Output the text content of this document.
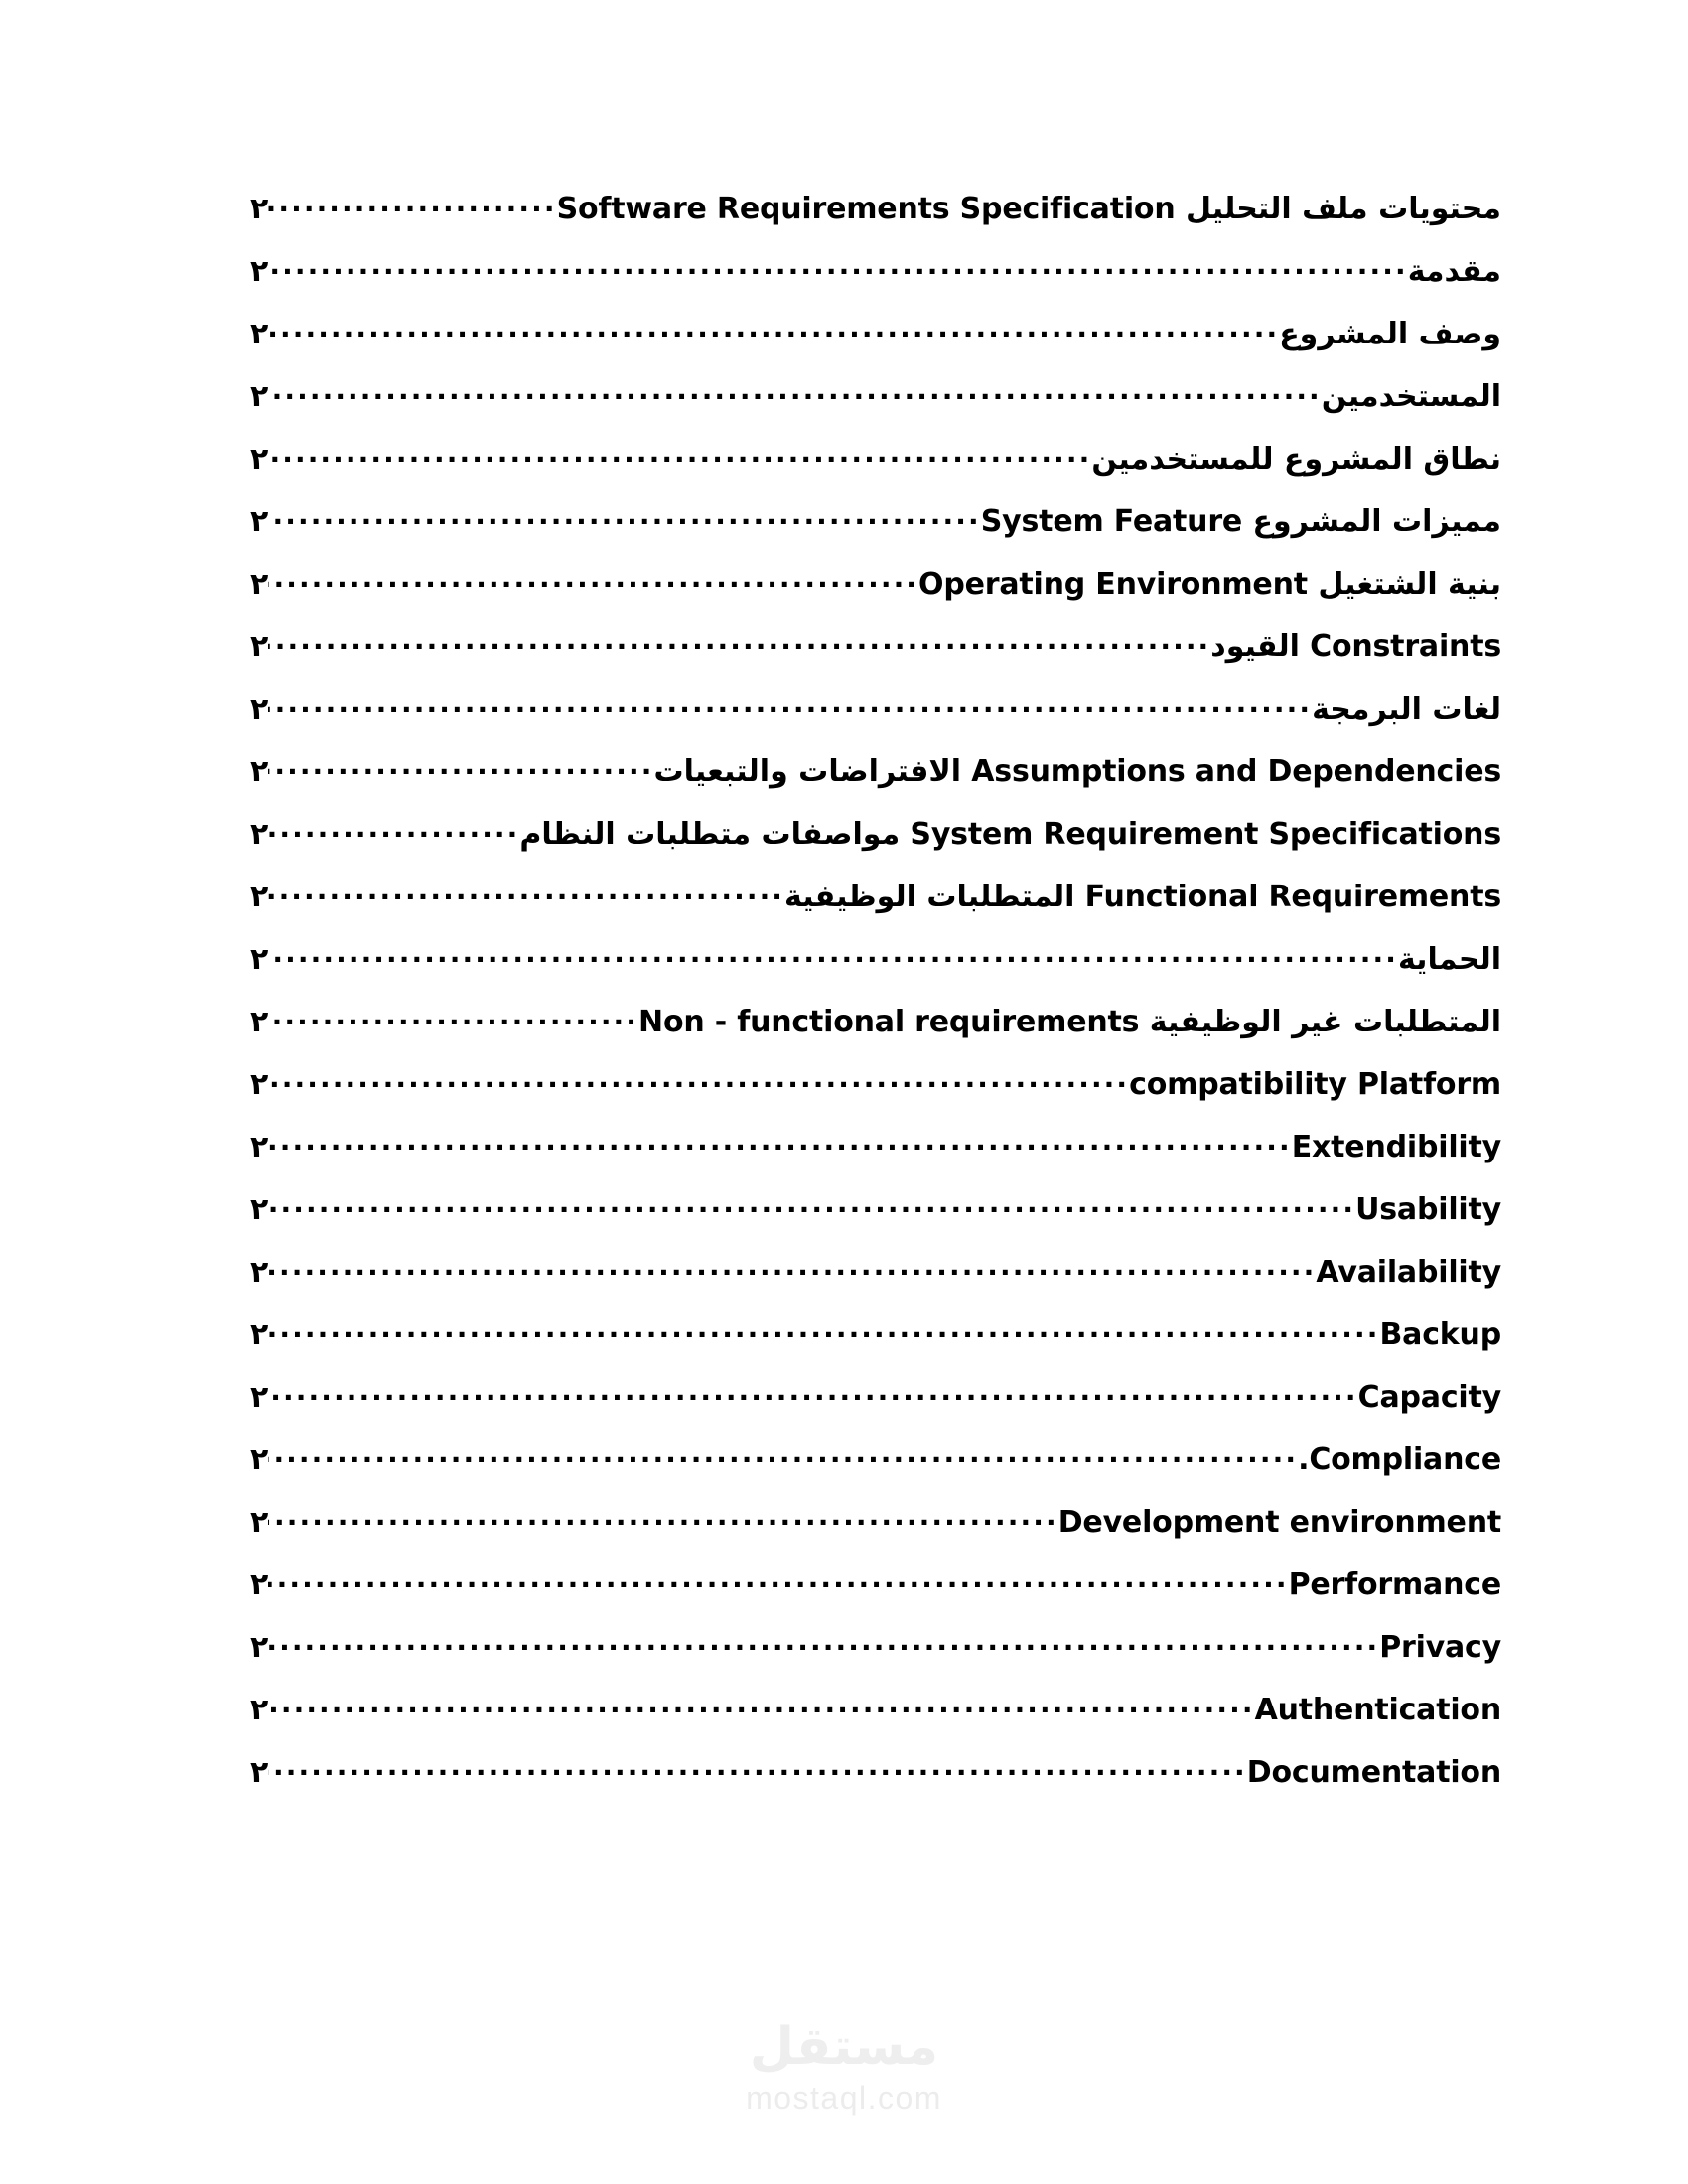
محتويات ملف التحليل Software Requirements Specification
.....
٢
مقدمة
.....
٢
وصف المشروع
.....
٢
المستخدمين
.....
٢
نطاق المشروع للمستخدمين
.....
٢
مميزات المشروع System Feature
.....
٢
بنية الشتغيل Operating Environment
.....
٢
Constraints القيود
.....
٢
لغات البرمجة
.....
٢
Assumptions and Dependencies الافتراضات والتبعيات
.....
٢
System Requirement Specifications مواصفات متطلبات النظام
.....
٢
Functional Requirements المتطلبات الوظيفية
.....
٢
الحماية
.....
٢
المتطلبات غير الوظيفية Non - functional requirements
.....
٢
compatibility Platform
.....
٢
Extendibility
.....
٢
Usability
.....
٢
Availability
.....
٢
Backup
.....
٢
Capacity
.....
٢
Compliance.
.....
٢
Development environment
.....
٢
Performance
.....
٢
Privacy
.....
٢
Authentication
.....
٢
Documentation
.....
٢
مستقل
mostaql.com
